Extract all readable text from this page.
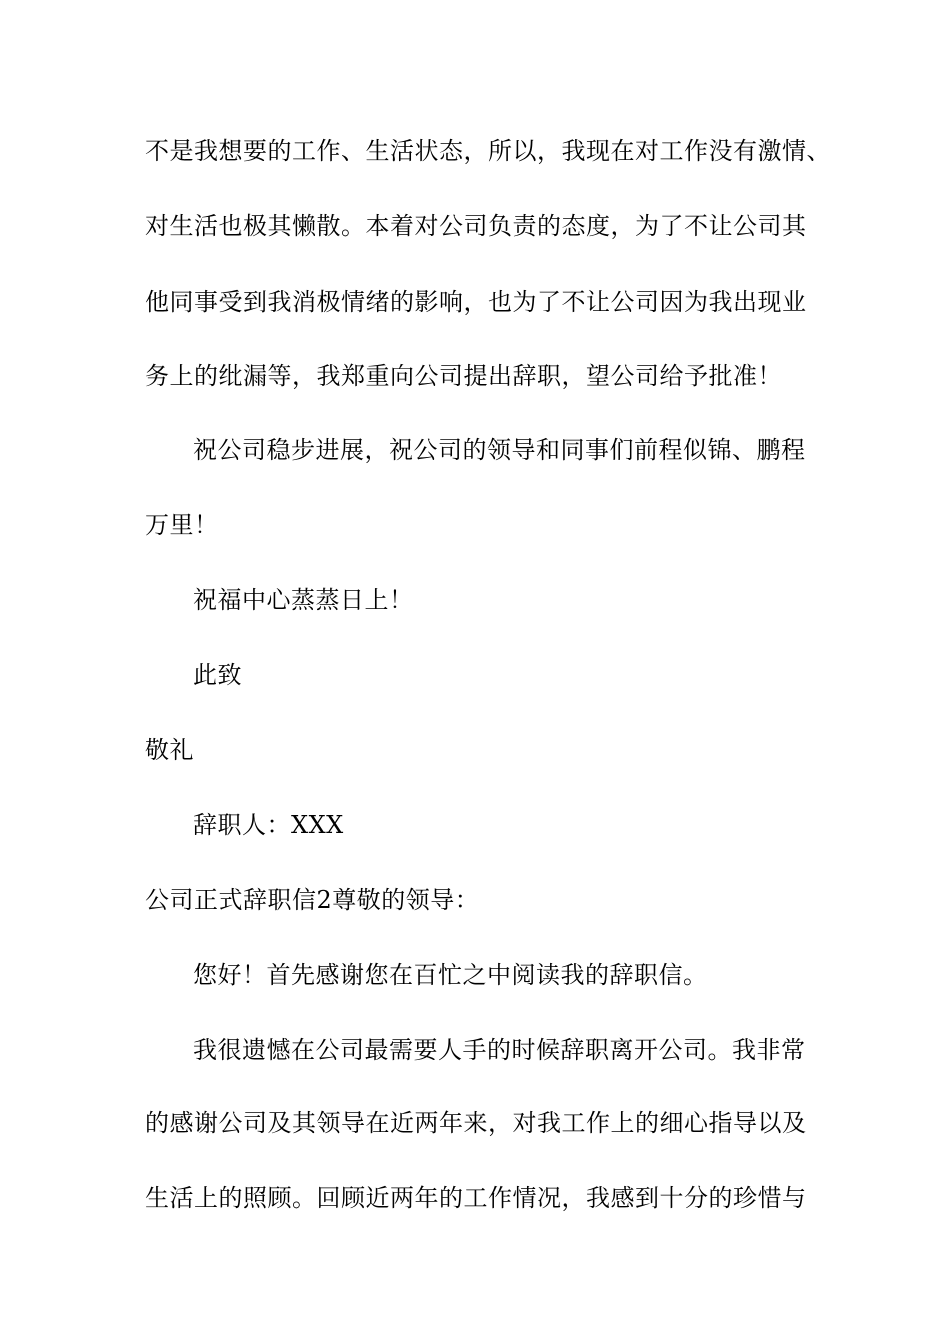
不是我想要的工作、生活状态，所以，我现在对工作没有激情、
对生活也极其懒散。本着对公司负责的态度，为了不让公司其
他同事受到我消极情绪的影响，也为了不让公司因为我出现业
务上的纰漏等，我郑重向公司提出辞职，望公司给予批准！
祝公司稳步进展，祝公司的领导和同事们前程似锦、鹏程
万里！
祝福中心蒸蒸日上！
此致
敬礼
辞职人：XXX
公司正式辞职信2尊敬的领导：
您好！首先感谢您在百忙之中阅读我的辞职信。
我很遗憾在公司最需要人手的时候辞职离开公司。我非常
的感谢公司及其领导在近两年来，对我工作上的细心指导以及
生活上的照顾。回顾近两年的工作情况，我感到十分的珍惜与
